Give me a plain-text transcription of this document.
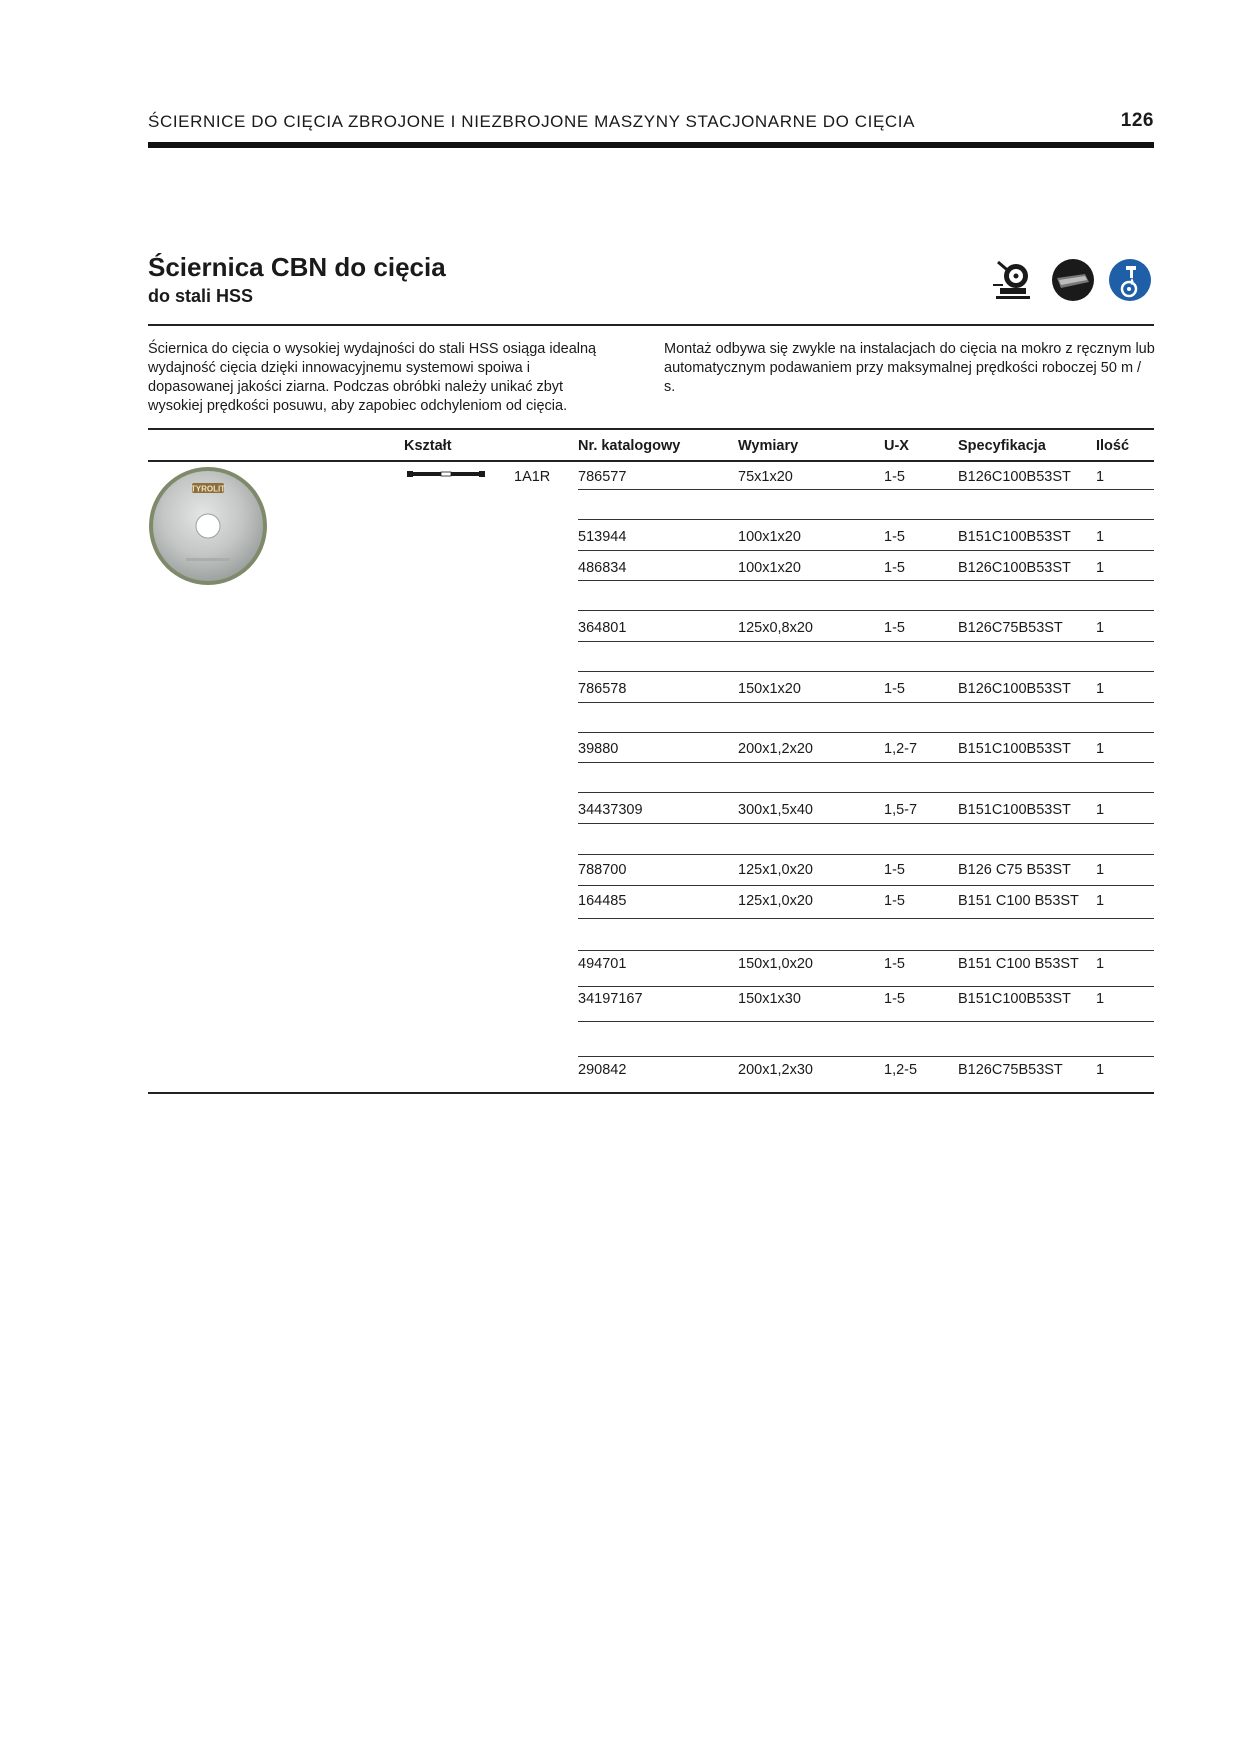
ŚCIERNICE DO CIĘCIA ZBROJONE I NIEZBROJONE MASZYNY STACJONARNE DO CIĘCIA	126
Ściernica CBN do cięcia
do stali HSS
Ściernica do cięcia o wysokiej wydajności do stali HSS osiąga idealną wydajność cięcia dzięki innowacyjnemu systemowi spoiwa i dopasowanej jakości ziarna. Podczas obróbki należy unikać zbyt wysokiej prędkości posuwu, aby zapobiec odchyleniom od cięcia.
Montaż odbywa się zwykle na instalacjach do cięcia na mokro z ręcznym lub automatycznym podawaniem przy maksymalnej prędkości roboczej 50 m / s.
Kształt	Nr. katalogowy	Wymiary	U-X	Specyfikacja	Ilość
TYROLIT
1A1R 786577	75x1x20	1-5	B126C100B53ST 1
513944	100x1x20	1-5	B151C100B53ST 1
486834	100x1x20	1-5	B126C100B53ST 1
364801	125x0,8x20	1-5	B126C75B53ST 1
786578	150x1x20	1-5	B126C100B53ST 1
39880	200x1,2x20	1,2-7	B151C100B53ST 1
34437309	300x1,5x40	1,5-7	B151C100B53ST 1
788700	125x1,0x20	1-5	B126 C75 B53ST 1
164485	125x1,0x20	1-5	B151 C100 B53ST 1
494701	150x1,0x20	1-5	B151 C100 B53ST 1
34197167	150x1x30	1-5	B151C100B53ST 1
290842	200x1,2x30	1,2-5	B126C75B53ST 1
